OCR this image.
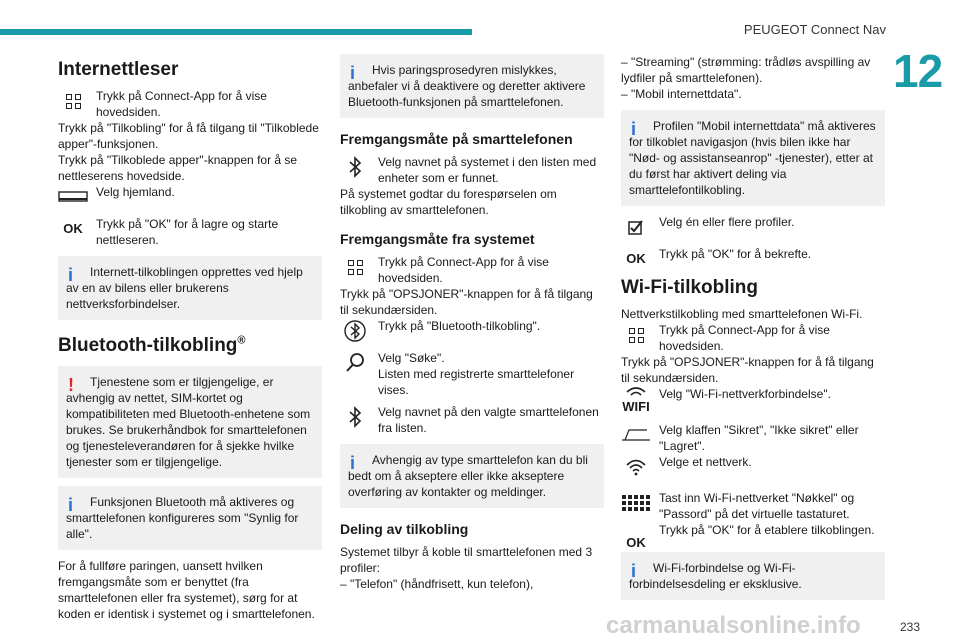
PEUGEOT Connect Nav
12
Internettleser
Trykk på Connect-App for å vise hovedsiden.

Trykk på "Tilkobling" for å få tilgang til "Tilkoblede apper"-funksjonen.

Trykk på "Tilkoblede apper"-knappen for å se nettleserens hovedside.

Velg hjemland.
OK Trykk på "OK" for å lagre og starte nettleseren.
i	Internett-tilkoblingen opprettes ved hjelp av en av bilens eller brukerens nettverksforbindelser.
Bluetooth-tilkobling®
!	Tjenestene som er tilgjengelige, er avhengig av nettet, SIM-kortet og kompatibiliteten med Bluetooth-enhetene som brukes. Se brukerhåndbok for smarttelefonen og tjenesteleverandøren for å sjekke hvilke tjenester som er tilgjengelige.
i	Funksjonen Bluetooth må aktiveres og smarttelefonen konfigureres som "Synlig for alle".

For å fullføre paringen, uansett hvilken fremgangsmåte som er benyttet (fra smarttelefonen eller fra systemet), sørg for at koden er identisk i systemet og i smarttelefonen.

i	Hvis paringsprosedyren mislykkes, anbefaler vi å deaktivere og deretter aktivere Bluetooth-funksjonen på smarttelefonen.
Fremgangsmåte på smarttelefonen
Velg navnet på systemet i den listen med enheter som er funnet.

På systemet godtar du forespørselen om tilkobling av smarttelefonen.

Fremgangsmåte fra systemet
Trykk på Connect-App for å vise hovedsiden.

Trykk på "OPSJONER"-knappen for å få tilgang til sekundærsiden.

Trykk på "Bluetooth-tilkobling".
Velg "Søke".
Listen med registrerte smarttelefoner vises.
Velg navnet på den valgte smarttelefonen fra listen.
i	Avhengig av type smarttelefon kan du bli bedt om å akseptere eller ikke akseptere overføring av kontakter og meldinger.
Deling av tilkobling

Systemet tilbyr å koble til smarttelefonen med 3 profiler:

– "Telefon" (håndfrisett, kun telefon),

– "Streaming" (strømming: trådløs avspilling av lydfiler på smarttelefonen).

– "Mobil internettdata".

i	Profilen "Mobil internettdata" må aktiveres for tilkoblet navigasjon (hvis bilen ikke har "Nød- og assistanseanrop" -tjenester), etter at du først har aktivert deling via smarttelefontilkobling.
Velg én eller flere profiler.
OK Trykk på "OK" for å bekrefte.
Wi-Fi-tilkobling

Nettverkstilkobling med smarttelefonen Wi-Fi.

Trykk på Connect-App for å vise hovedsiden.

Trykk på "OPSJONER"-knappen for å få tilgang til sekundærsiden.

WIFI
Velg "Wi-Fi-nettverkforbindelse".
Velg klaffen "Sikret", "Ikke sikret" eller "Lagret".
Velge et nettverk.
Tast inn Wi-Fi-nettverket "Nøkkel" og "Passord" på det virtuelle tastaturet.
OK
Trykk på "OK" for å etablere tilkoblingen.
i	Wi-Fi-forbindelse og Wi-Fi-forbindelsesdeling er eksklusive.
carmanualsonline.info	233
